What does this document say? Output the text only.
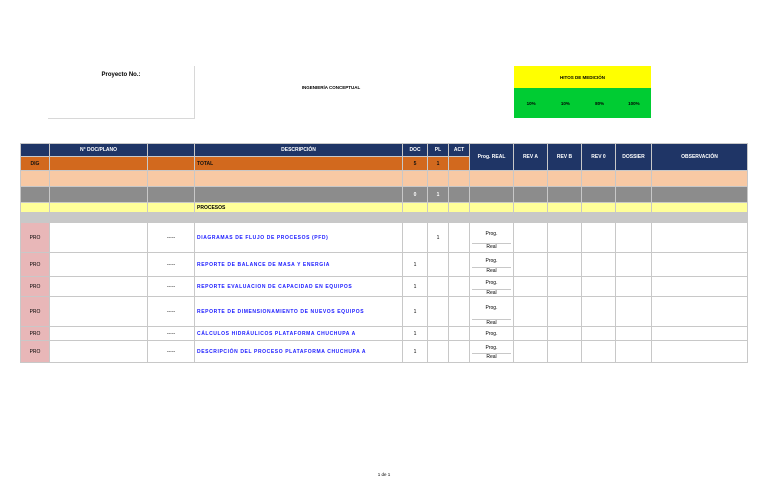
Proyecto No.:
INGENIERÍA CONCEPTUAL
HITOS DE MEDICIÓN
10%	10%	80%	100%
	N° DOC/PLANO		DESCRIPCIÓN	DOC	PL	ACT	Prog. REAL	REV A	REV B	REV 0	DOSSIER	OBSERVACIÓN
DIG			TOTAL	5	1							

				0	1							
			PROCESOS									

PRO		-----	DIAGRAMAS DE FLUJO DE PROCESOS (PFD)		1		Prog.
Real					

PRO		-----	REPORTE DE BALANCE DE MASA Y ENERGIA	1			Prog.
Real					

PRO		-----	REPORTE EVALUACION DE CAPACIDAD EN EQUIPOS	1			Prog.
Real					

PRO		-----	REPORTE DE DIMENSIONAMIENTO DE NUEVOS EQUIPOS	1			Prog.
Real					

PRO		-----	CÁLCULOS HIDRÁULICOS PLATAFORMA CHUCHUPA A	1			Prog.					
PRO		-----	DESCRIPCIÓN DEL PROCESO PLATAFORMA CHUCHUPA A	1			Prog.
Real					

1 de 1
